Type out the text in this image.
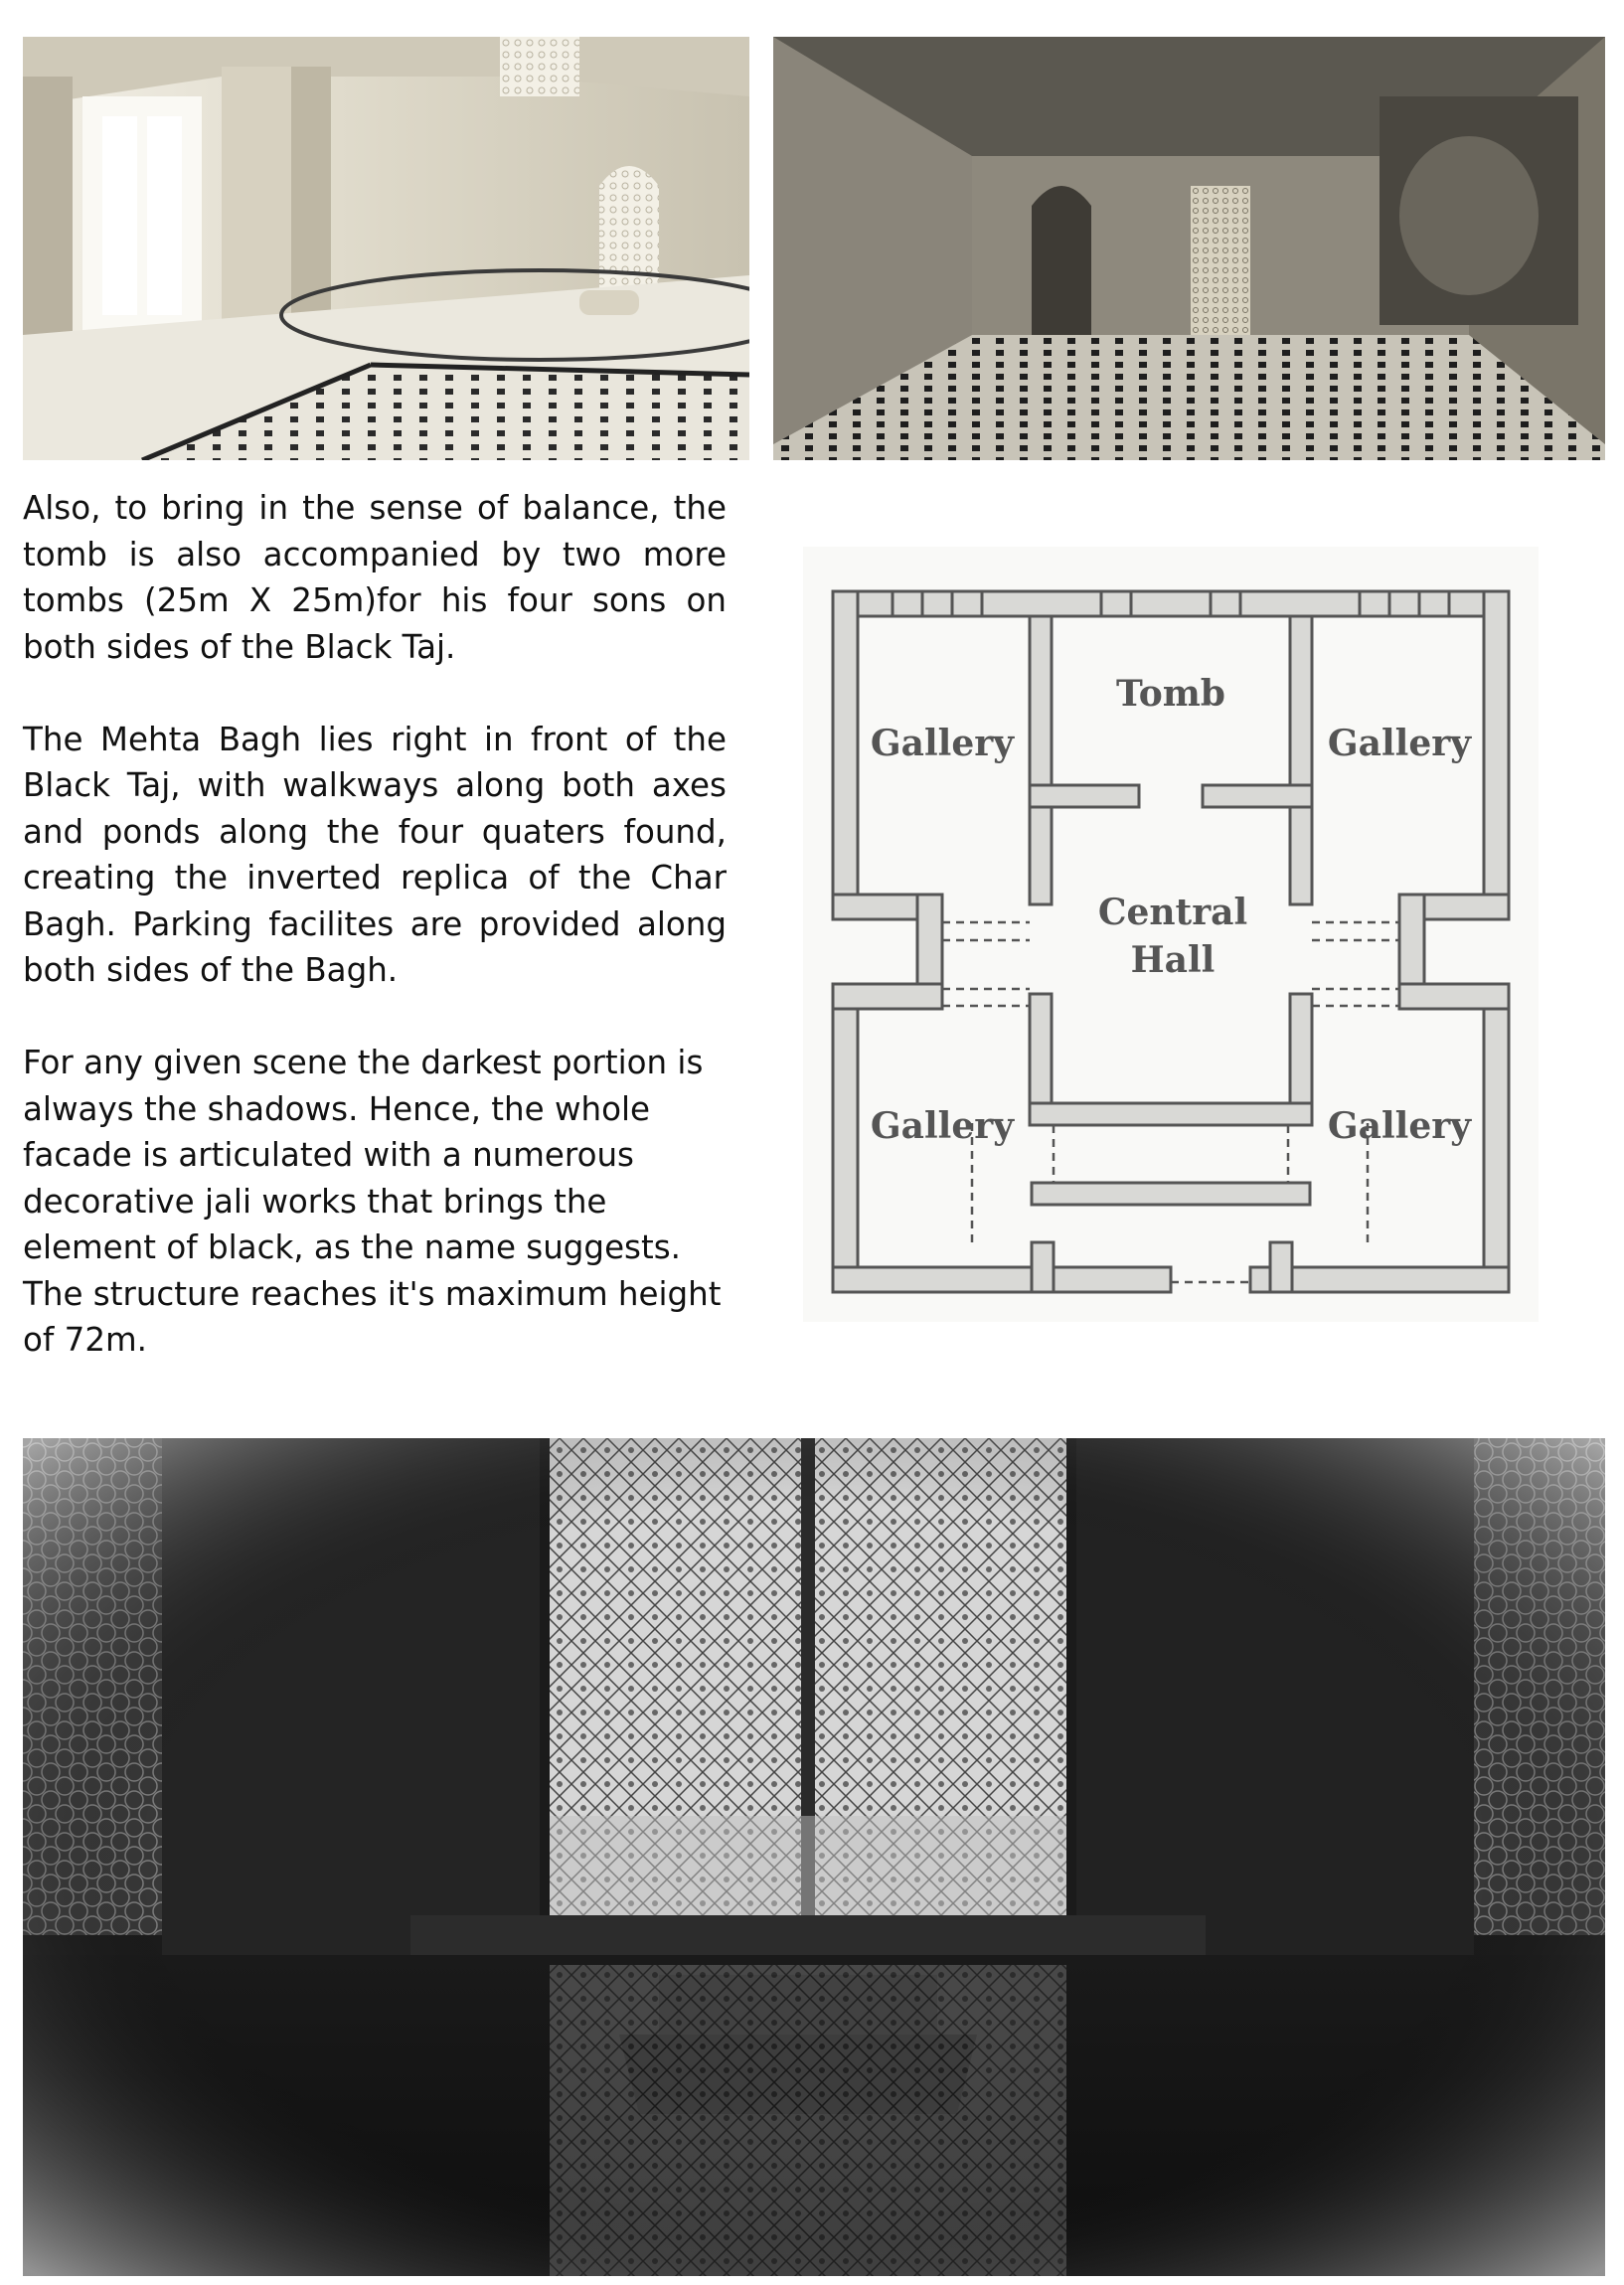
Also, to bring in the sense of balance, the tomb is also accompanied by two more tombs (25m X 25m)for his four sons on both sides of the Black Taj.

The Mehta Bagh lies right in front of the Black Taj, with walkways along both axes and ponds along the four quaters found, creating the inverted replica of the Char Bagh. Parking facilites are provided along both sides of the Bagh.

For any given scene the darkest portion is always the shadows. Hence, the whole facade is articulated with a numerous decorative jali works that brings the element of black, as the name suggests. The structure reaches it's maximum height of 72m.

Tomb
Gallery	Gallery
Central
Hall
Gallery	Gallery
